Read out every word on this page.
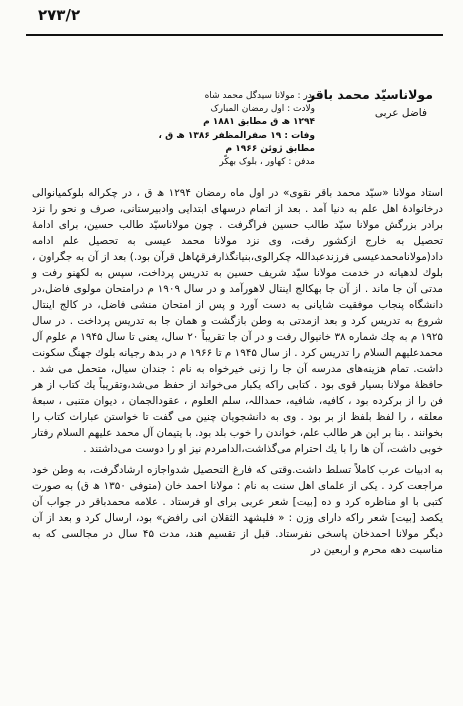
۲۷۳/۲
مولاناسیّد محمد باقر
فاضل عربی
پدر : مولانا سیدگل محمد شاه
ولادت : اول رمضان المبارک
۱۲۹۴ ھ ق مطابق ۱۸۸۱ م
وفات : ۱۹ صفرالمظفر ۱۳۸۶ ھ ق ،
مطابق ژوئن ۱۹۶۶ م
مدفن : کهاور ، بلوک بهکّر

استاد مولانا «سیّد محمد باقر نقوی» در اول ماه رمضان ۱۲۹۴ ھ ق ، در چکراله بلوکمیانوالی درخانوادهٔ اهل علم به دنیا آمد . بعد از اتمام درسهای ابتدایی وادبیرستانی، صرف و نحو را نزد برادر بزرگش مولانا سیّد طالب حسین فراگرفت . چون مولاناسیّد طالب حسین، برای ادامهٔ تحصیل به خارج ازکشور رفت، وی نزد مولانا محمد عیسی به تحصیل علم ادامه داد(مولانامحمدعیسی فرزندعبداللہ چکرالوی،بنیانگذارفرقۂاهل قرآن بود.) بعد از آن به جگراون ، بلوك لدهیانه در خدمت مولانا سیّد شریف حسین به تدریس پرداخت، سپس به لکهنو رفت و مدتی آن جا ماند . از آن جا بهکالج اینتال لاهورآمد و در سال ۱۹۰۹ م درامتحان مولوی فاضل،در دانشگاه پنجاب موفقیت شایانی به دست آورد و پس از امتحان منشی فاضل، در کالج اینتال شروع به تدریس کرد و بعد ازمدتی به وطن بازگشت و همان جا به تدریس پرداخت . در سال ۱۹۲۵ م به چك شماره ۳۸ خانیوال رفت و در آن جا تقریباً ۲۰ سال، یعنی تا سال ۱۹۴۵ م علوم آل محمدعلیهم السلام را تدریس کرد . از سال ۱۹۴۵ م تا ۱۹۶۶ م در بدھ رجیانه بلوك جهنگ سکونت داشت. تمام هزینه‌های مدرسه آن جا را زنی خیرخواه به نام : جندان سیال، متحمل می شد . حافظهٔ مولانا بسیار قوی بود . کتابی راکه یکبار می‌خواند از حفظ می‌شد،وتقریباً یك کتاب از هر فن را از برکرده بود ، کافیه، شافیه، حمداللہ، سلم العلوم ، عقودالجمان ، دیوان متنبی ، سبعهٔ معلقه ، را لفظ بلفظ از بر بود . وی به دانشجویان چنین می گفت تا خواستن عبارات کتاب را بخوانند . بنا بر این هر طالب علم، خواندن را خوب بلد بود. با یتیمان آل محمد علیهم السلام رفتار خوبی داشت، آن ها را با یك احترام می‌گذاشت،الدامردم نیز او را دوست می‌داشتند .

به ادبیات عرب کاملاً تسلط داشت.وقتی که فارغ التحصیل شدواجازه ارشادگرفت، به وطن خود مراجعت کرد . یکی از علمای اهل سنت به نام : مولانا احمد خان (متوفی ۱۳۵۰ ھ ق) به صورت کتبی با او مناظره کرد و ده [بیت] شعر عربی برای او فرستاد . علامه محمدباقر در جواب آن یکصد [بیت] شعر راکه دارای وزن : « فلیشهد الثقلان انی رافض» بود، ارسال کرد و بعد از آن دیگر مولانا احمدخان پاسخی نفرستاد. قبل از تقسیم هند، مدت ۴۵ سال در مجالسی که به مناسبت دهه محرم و اربعین در
